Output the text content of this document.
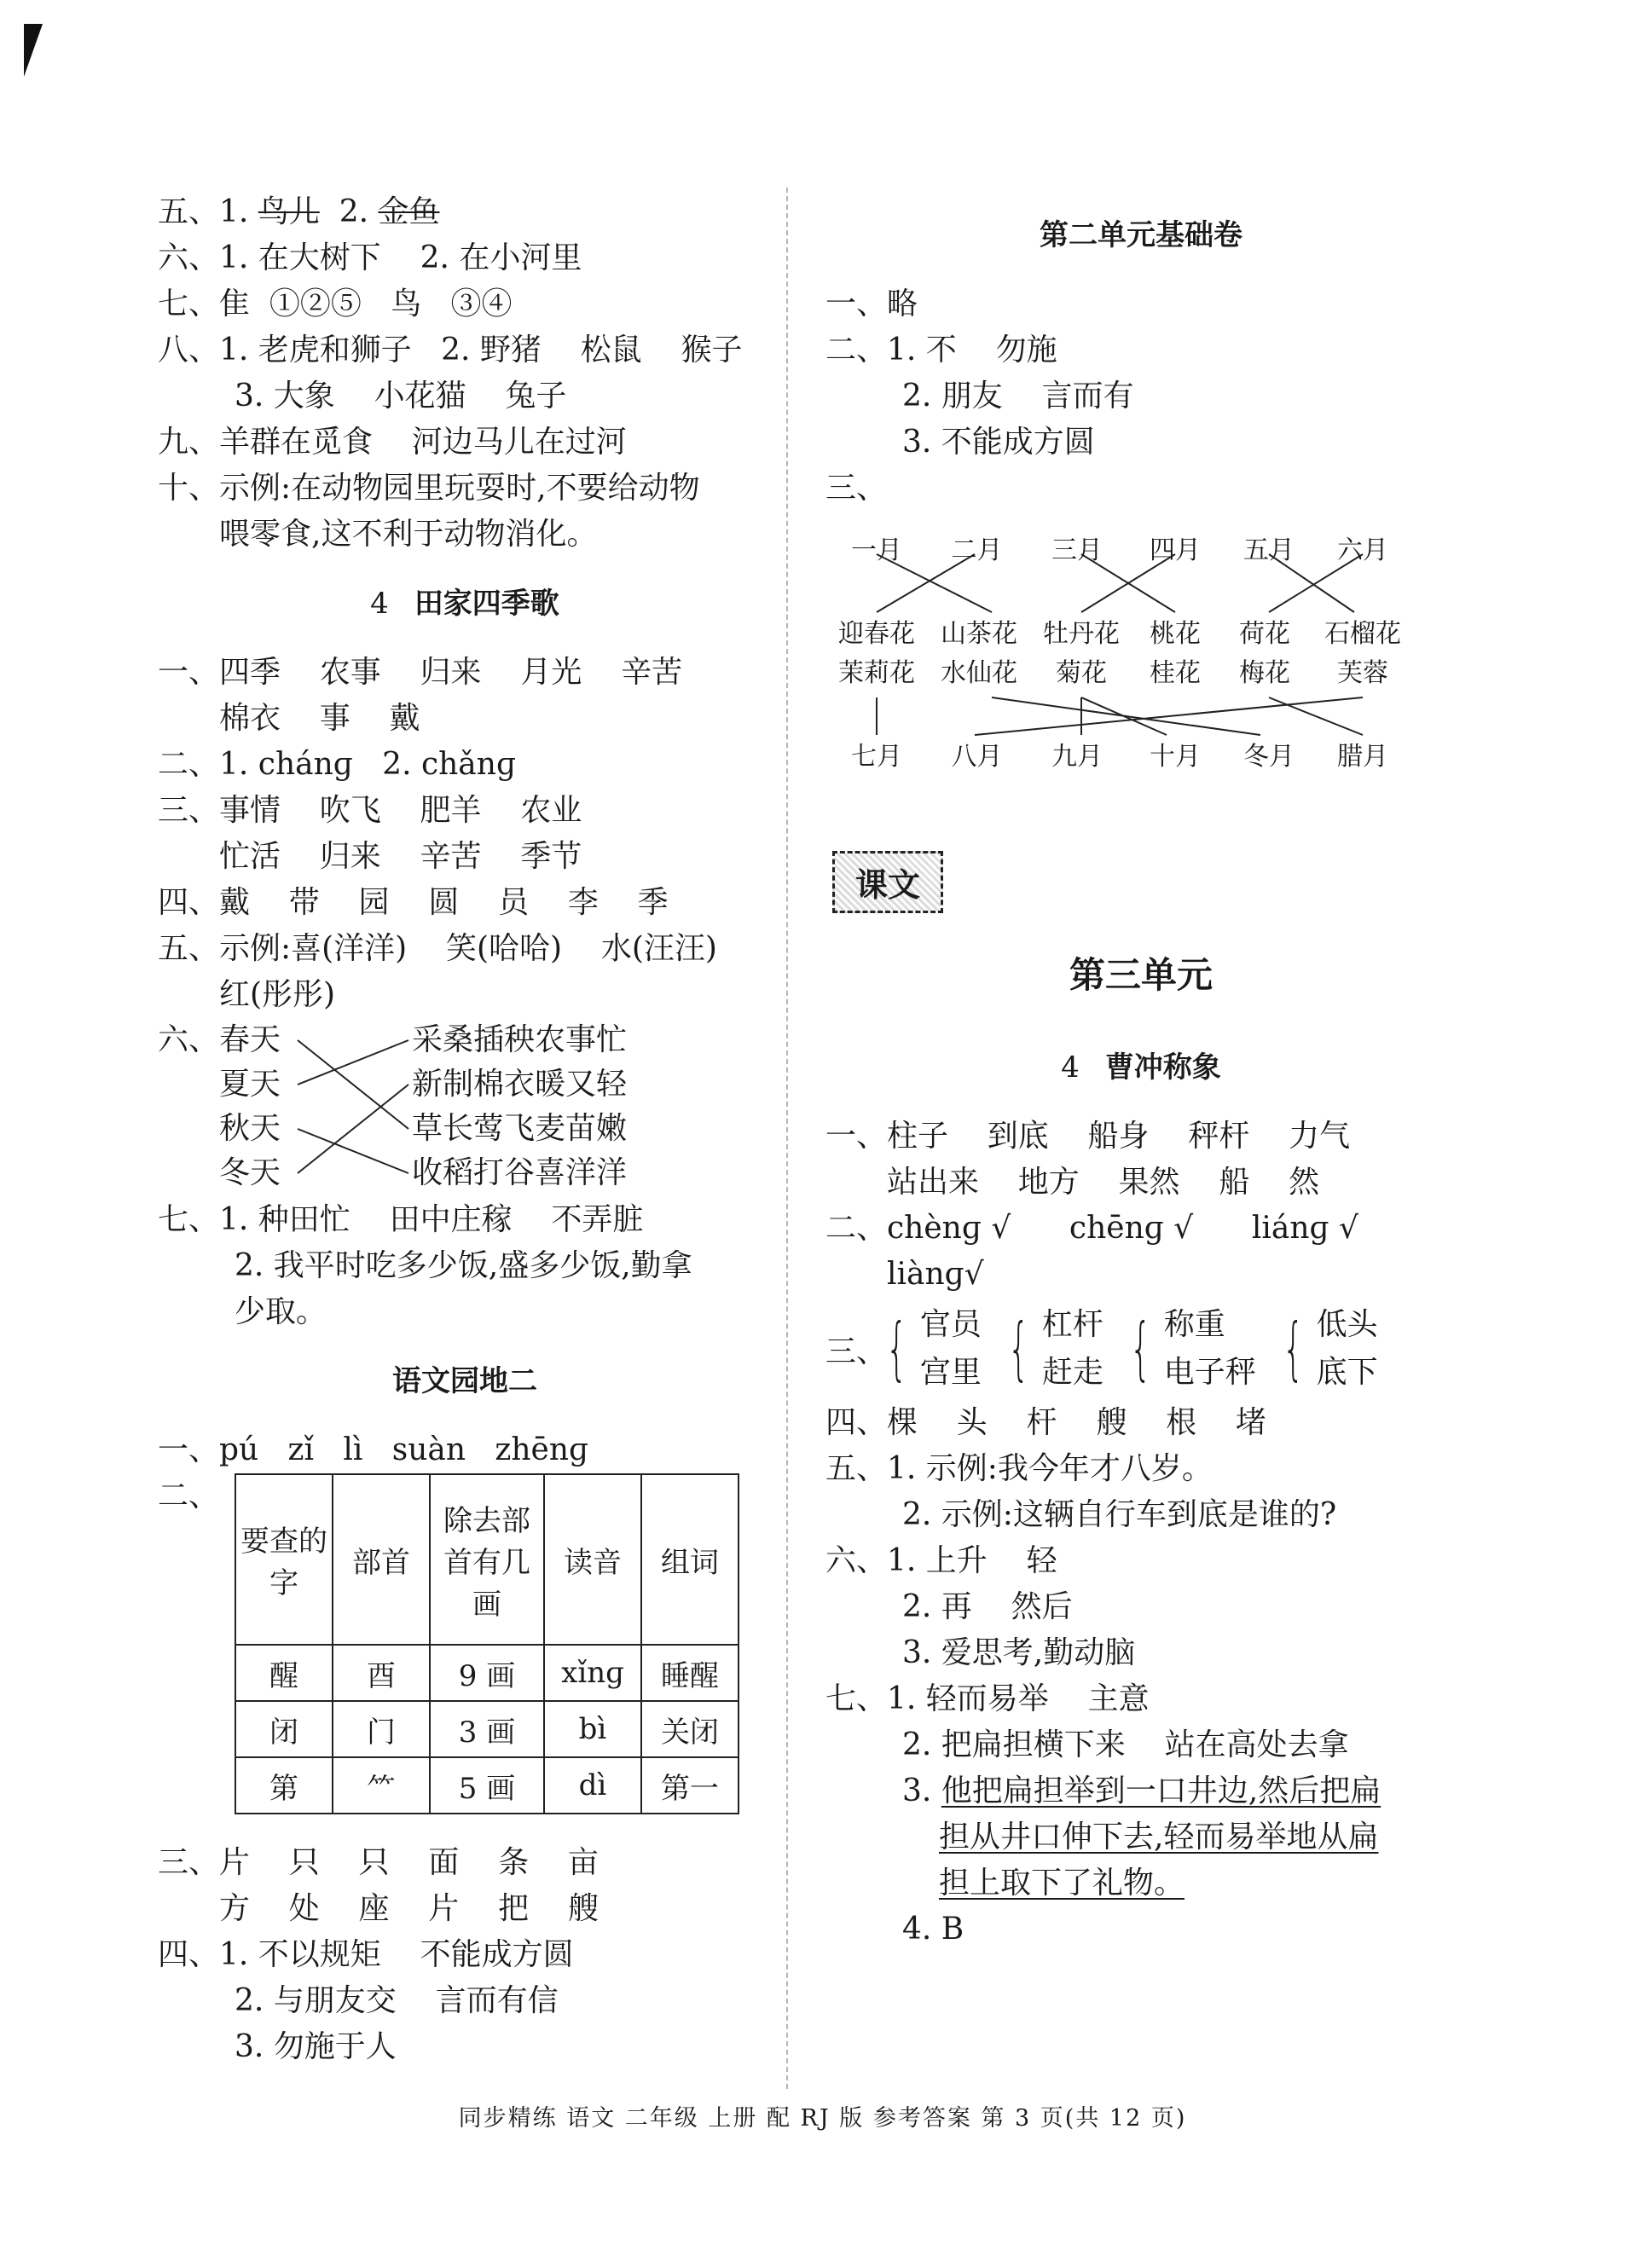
五、1. 鸟儿  2. 金鱼
六、1. 在大树下    2. 在小河里
七、隹  ①②⑤   鸟   ③④
八、1. 老虎和狮子   2. 野猪    松鼠    猴子
3. 大象    小花猫    兔子
九、羊群在觅食    河边马儿在过河
十、示例:在动物园里玩耍时,不要给动物
喂零食,这不利于动物消化。
4 田家四季歌
一、四季    农事    归来    月光    辛苦
棉衣    事    戴
二、1. chánɡ   2. chǎnɡ
三、事情    吹飞    肥羊    农业
忙活    归来    辛苦    季节
四、戴    带    园    圆    员    李    季
五、示例:喜(洋洋)    笑(哈哈)    水(汪汪)
红(彤彤)
六、 春天
夏天
秋天
冬天
采桑插秧农事忙
新制棉衣暖又轻
草长莺飞麦苗嫩
收稻打谷喜洋洋
七、1. 种田忙    田中庄稼    不弄脏
2. 我平时吃多少饭,盛多少饭,勤拿
少取。
语文园地二
一、pú   zǐ   lì   suàn   zhēnɡ
二、
要查的字	部首	除去部首有几画	读音	组词
醒	酉	9 画	xǐnɡ	睡醒
闭	门	3 画	bì	关闭
第	⺮	5 画	dì	第一
三、片    只    只    面    条    亩
方    处    座    片    把    艘
四、1. 不以规矩    不能成方圆
2. 与朋友交    言而有信
3. 勿施于人
第二单元基础卷
一、略
二、1. 不    勿施
2. 朋友    言而有
3. 不能成方圆
三、
一月	二月	三月	四月	五月	六月
迎春花	山茶花	牡丹花	桃花	荷花	石榴花
茉莉花	水仙花	菊花	桂花	梅花	芙蓉
七月	八月	九月	十月	冬月	腊月
课文
第三单元
4 曹冲称象
一、柱子    到底    船身    秤杆    力气
站出来    地方    果然    船    然
二、chènɡ √      chēnɡ √      liánɡ √
liànɡ√
三、
{ 官员
宫里 { 杠杆
赶走 { 称重
电子秤 { 低头
底下
四、棵    头    杆    艘    根    堵
五、1. 示例:我今年才八岁。
2. 示例:这辆自行车到底是谁的?
六、1. 上升    轻
2. 再    然后
3. 爱思考,勤动脑
七、1. 轻而易举    主意
2. 把扁担横下来    站在高处去拿
3. 他把扁担举到一口井边,然后把扁
担从井口伸下去,轻而易举地从扁
担上取下了礼物。
4. B
同步精练 语文 二年级 上册 配 RJ 版 参考答案 第 3 页(共 12 页)
